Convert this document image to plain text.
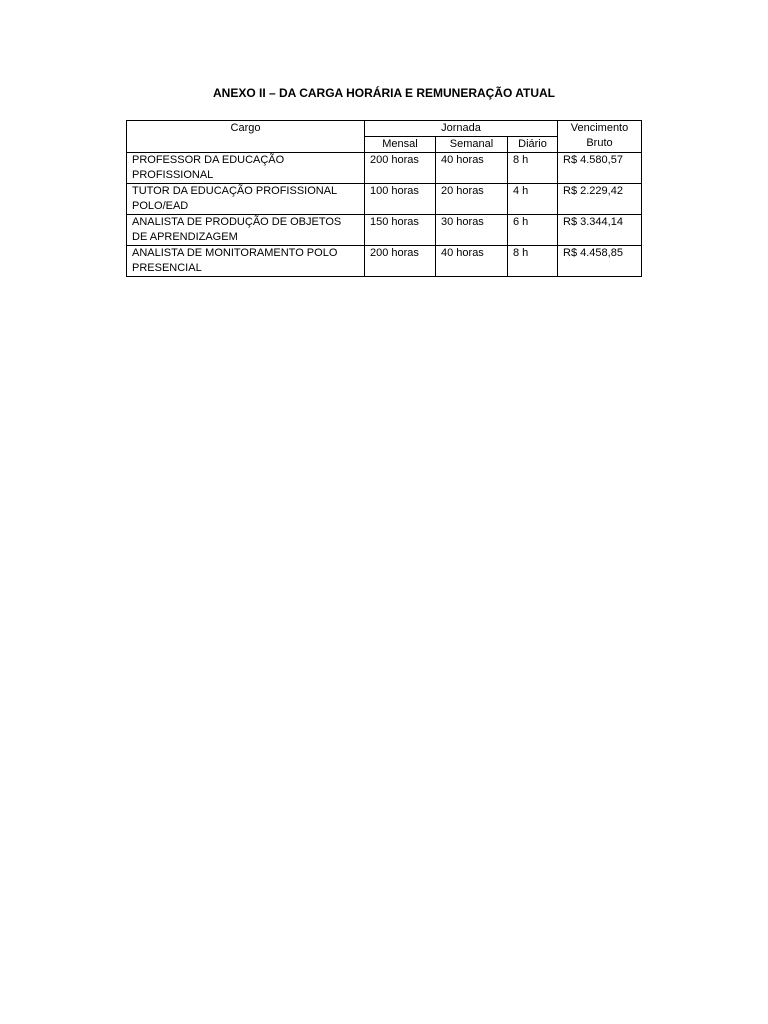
ANEXO II – DA CARGA HORÁRIA E REMUNERAÇÃO ATUAL
Cargo	Jornada			Vencimento
Bruto

	Mensal	Semanal	Diário	
PROFESSOR DA EDUCAÇÃO PROFISSIONAL	200 horas	40 horas	8 h	R$ 4.580,57
TUTOR DA EDUCAÇÃO PROFISSIONAL POLO/EAD	100 horas	20 horas	4 h	R$ 2.229,42
ANALISTA DE PRODUÇÃO DE OBJETOS DE APRENDIZAGEM	150 horas	30 horas	6 h	R$ 3.344,14
ANALISTA DE MONITORAMENTO POLO PRESENCIAL	200 horas	40 horas	8 h	R$ 4.458,85
